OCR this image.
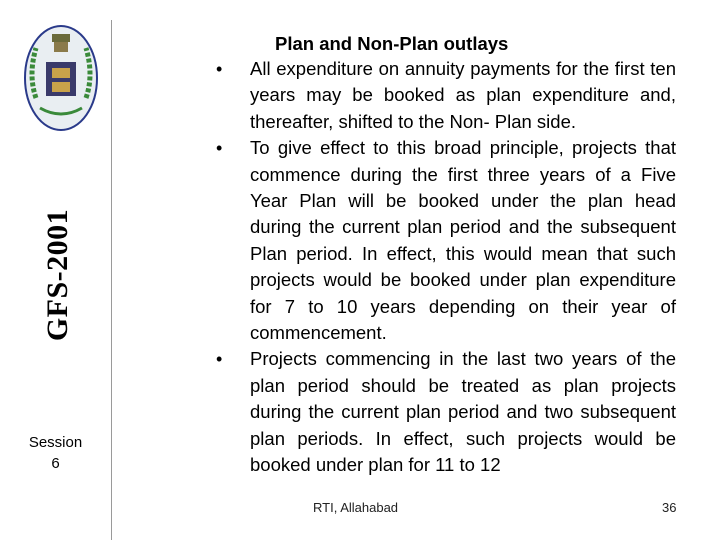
GFS-2001
Session
6
Plan and Non-Plan outlays
• All expenditure on annuity payments for the first ten years may be booked as plan expenditure and, thereafter, shifted to the Non- Plan side.
• To give effect to this broad principle, projects that commence during the first three years of a Five Year Plan will be booked under the plan head during the current plan period and the subsequent Plan period. In effect, this would mean that such projects would be booked under plan expenditure for 7 to 10 years depending on their year of commencement.
• Projects commencing in the last two years of the plan period should be treated as plan projects during the current plan period and two subsequent plan periods. In effect, such projects would be booked under plan for 11 to 12
RTI, Allahabad	36
